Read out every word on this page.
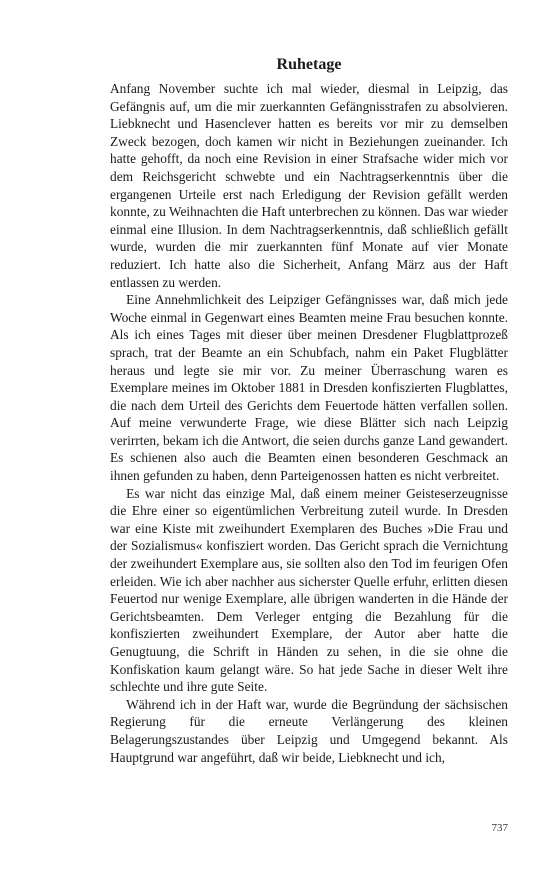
Ruhetage

Anfang November suchte ich mal wieder, diesmal in Leipzig, das Gefängnis auf, um die mir zuerkannten Gefängnisstrafen zu absolvieren. Liebknecht und Hasenclever hatten es bereits vor mir zu demselben Zweck bezogen, doch kamen wir nicht in Beziehungen zueinander. Ich hatte gehofft, da noch eine Revision in einer Strafsache wider mich vor dem Reichsgericht schwebte und ein Nachtragserkenntnis über die ergangenen Urteile erst nach Erledigung der Revision gefällt werden konnte, zu Weihnachten die Haft unterbrechen zu können. Das war wieder einmal eine Illusion. In dem Nachtragserkenntnis, daß schließlich gefällt wurde, wurden die mir zuerkannten fünf Monate auf vier Monate reduziert. Ich hatte also die Sicherheit, Anfang März aus der Haft entlassen zu werden.

Eine Annehmlichkeit des Leipziger Gefängnisses war, daß mich jede Woche einmal in Gegenwart eines Beamten meine Frau besuchen konnte. Als ich eines Tages mit dieser über meinen Dresdener Flugblattprozeß sprach, trat der Beamte an ein Schubfach, nahm ein Paket Flugblätter heraus und legte sie mir vor. Zu meiner Überraschung waren es Exemplare meines im Oktober 1881 in Dresden konfiszierten Flugblattes, die nach dem Urteil des Gerichts dem Feuertode hätten verfallen sollen. Auf meine verwunderte Frage, wie diese Blätter sich nach Leipzig verirrten, bekam ich die Antwort, die seien durchs ganze Land gewandert. Es schienen also auch die Beamten einen besonderen Geschmack an ihnen gefunden zu haben, denn Parteigenossen hatten es nicht verbreitet.

Es war nicht das einzige Mal, daß einem meiner Geisteserzeugnisse die Ehre einer so eigentümlichen Verbreitung zuteil wurde. In Dresden war eine Kiste mit zweihundert Exemplaren des Buches »Die Frau und der Sozialismus« konfisziert worden. Das Gericht sprach die Vernichtung der zweihundert Exemplare aus, sie sollten also den Tod im feurigen Ofen erleiden. Wie ich aber nachher aus sicherster Quelle erfuhr, erlitten diesen Feuertod nur wenige Exemplare, alle übrigen wanderten in die Hände der Gerichtsbeamten. Dem Verleger entging die Bezahlung für die konfiszierten zweihundert Exemplare, der Autor aber hatte die Genugtuung, die Schrift in Händen zu sehen, in die sie ohne die Konfiskation kaum gelangt wäre. So hat jede Sache in dieser Welt ihre schlechte und ihre gute Seite.

Während ich in der Haft war, wurde die Begründung der sächsischen Regierung für die erneute Verlängerung des kleinen Belagerungszustandes über Leipzig und Umgegend bekannt. Als Hauptgrund war angeführt, daß wir beide, Liebknecht und ich,

737
